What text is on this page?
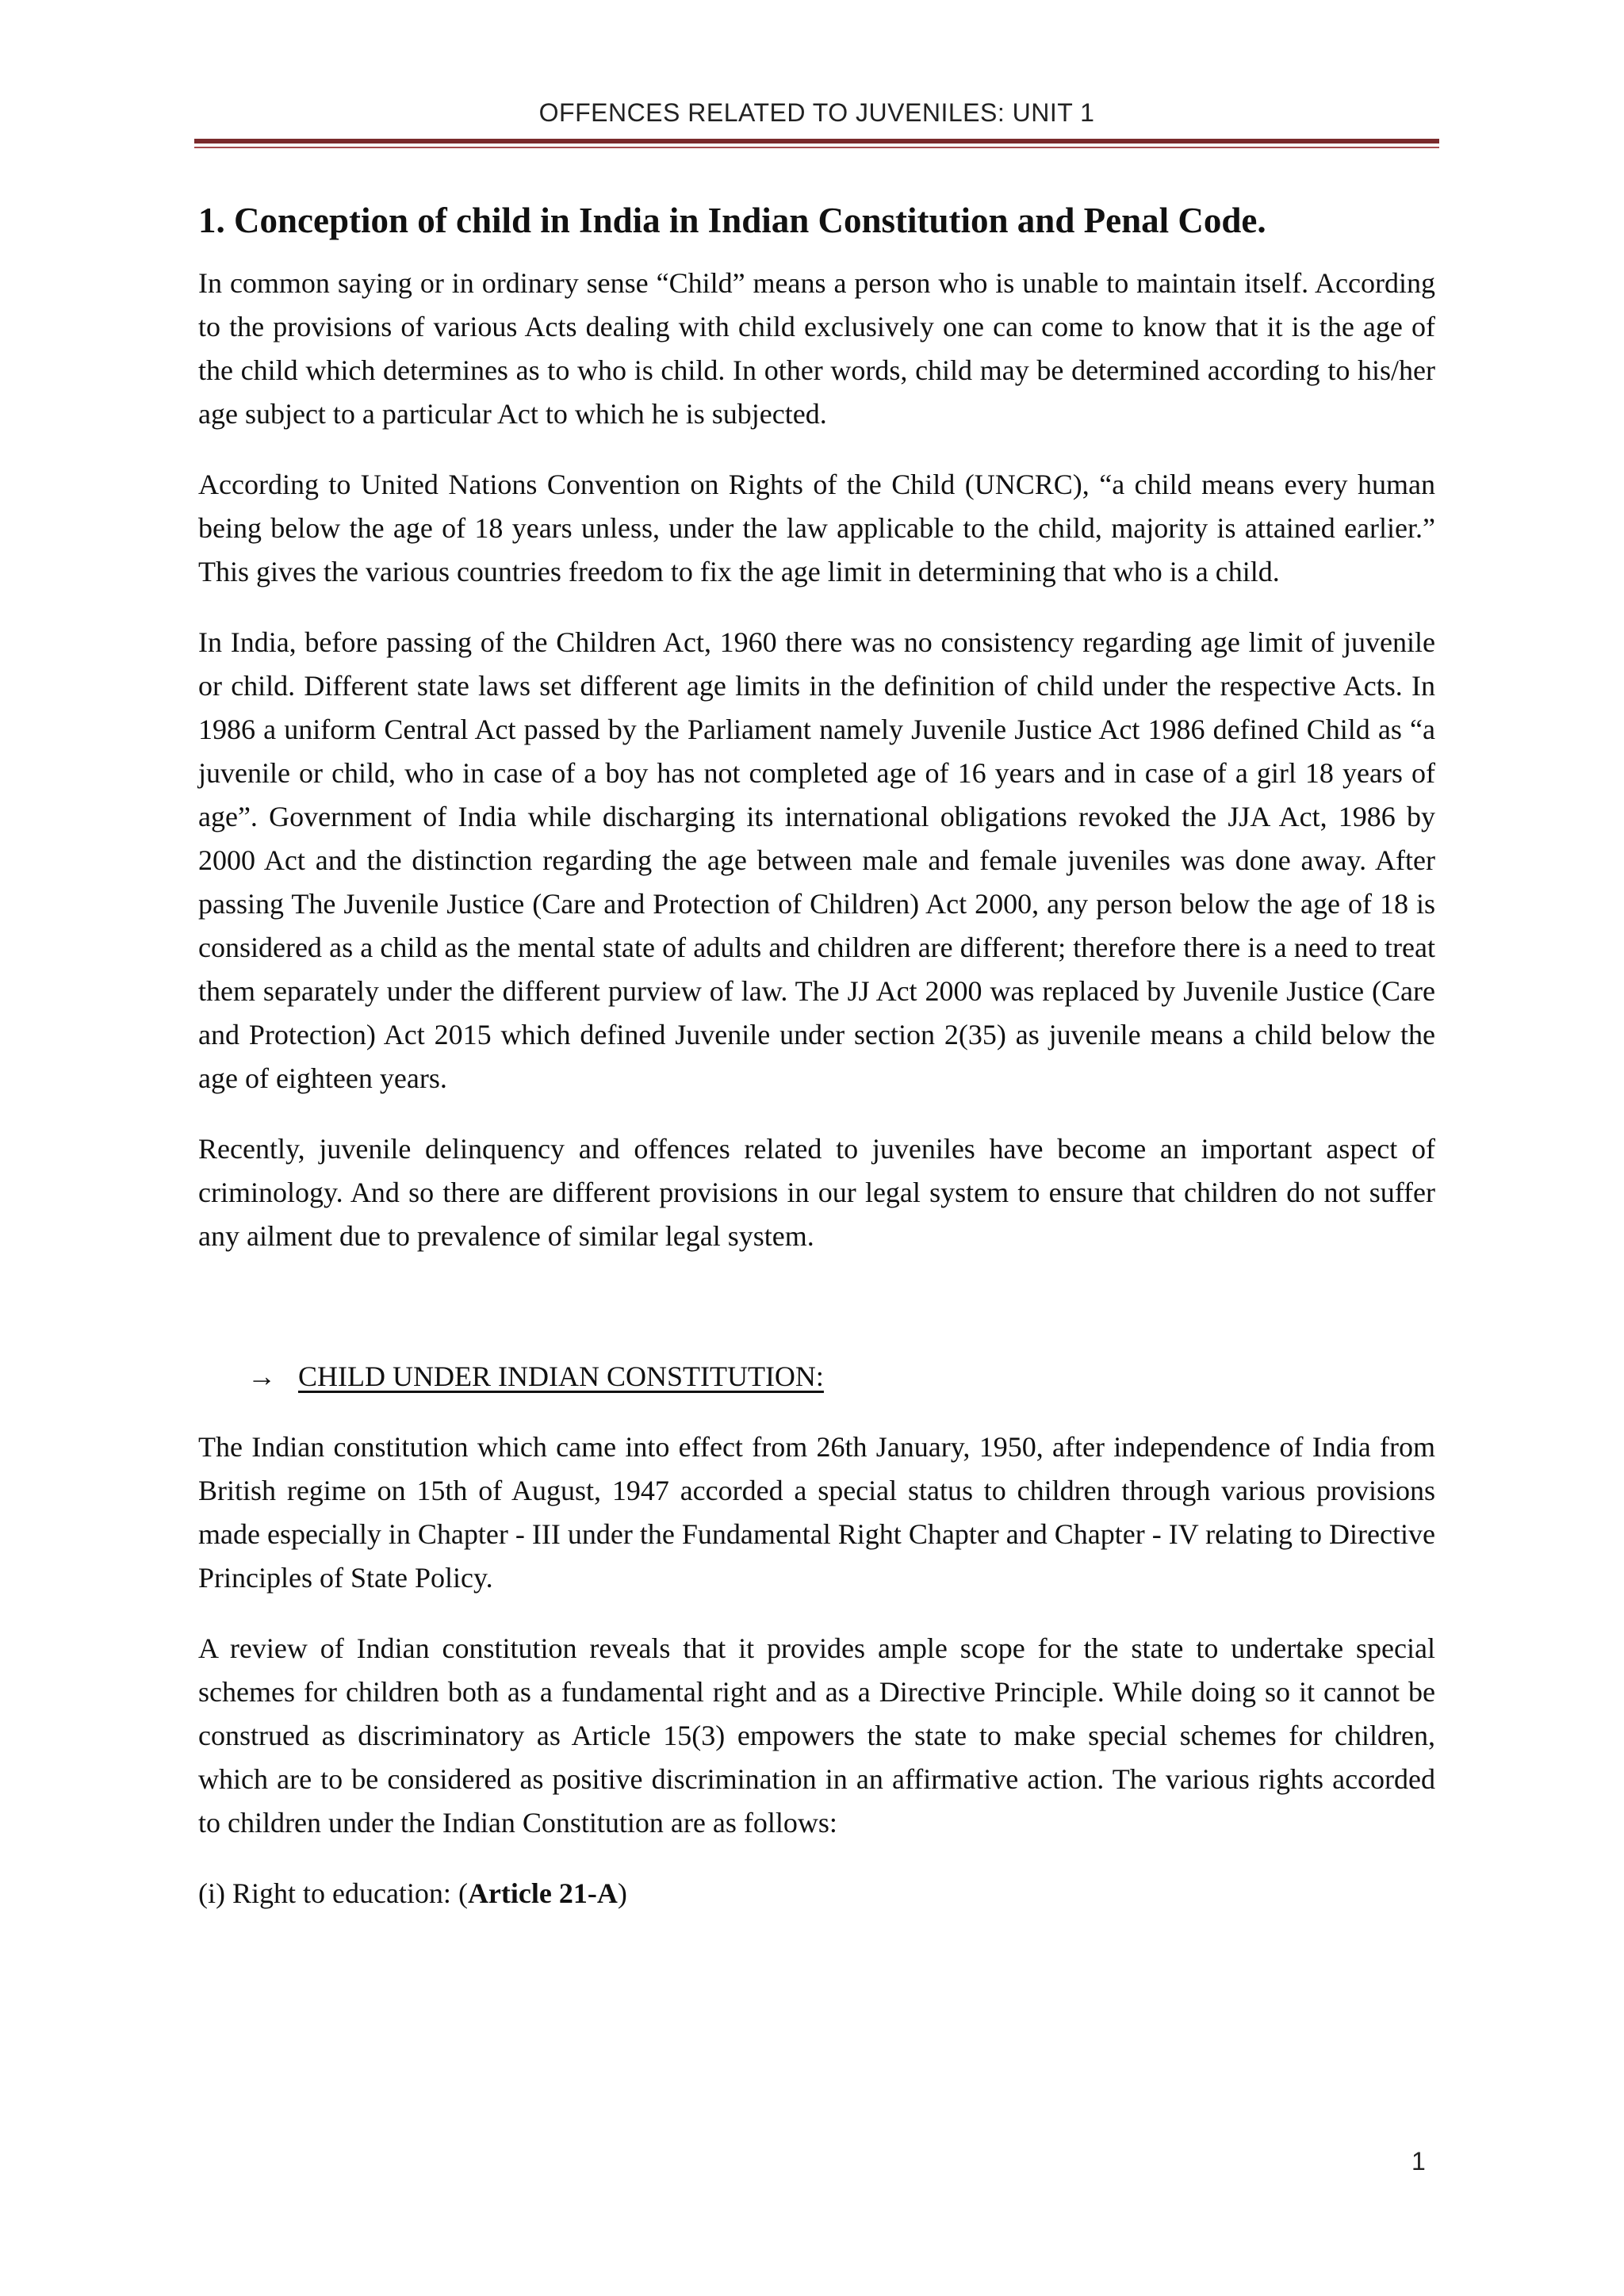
OFFENCES RELATED TO JUVENILES: UNIT 1
1. Conception of child in India in Indian Constitution and Penal Code.

In common saying or in ordinary sense “Child” means a person who is unable to maintain itself. According to the provisions of various Acts dealing with child exclusively one can come to know that it is the age of the child which determines as to who is child. In other words, child may be determined according to his/her age subject to a particular Act to which he is subjected.

According to United Nations Convention on Rights of the Child (UNCRC), “a child means every human being below the age of 18 years unless, under the law applicable to the child, majority is attained earlier.” This gives the various countries freedom to fix the age limit in determining that who is a child.

In India, before passing of the Children Act, 1960 there was no consistency regarding age limit of juvenile or child. Different state laws set different age limits in the definition of child under the respective Acts. In 1986 a uniform Central Act passed by the Parliament namely Juvenile Justice Act 1986 defined Child as “a juvenile or child, who in case of a boy has not completed age of 16 years and in case of a girl 18 years of age”. Government of India while discharging its international obligations revoked the JJA Act, 1986 by 2000 Act and the distinction regarding the age between male and female juveniles was done away. After passing The Juvenile Justice (Care and Protection of Children) Act 2000, any person below the age of 18 is considered as a child as the mental state of adults and children are different; therefore there is a need to treat them separately under the different purview of law. The JJ Act 2000 was replaced by Juvenile Justice (Care and Protection) Act 2015 which defined Juvenile under section 2(35) as juvenile means a child below the age of eighteen years.

Recently, juvenile delinquency and offences related to juveniles have become an important aspect of criminology. And so there are different provisions in our legal system to ensure that children do not suffer any ailment due to prevalence of similar legal system.

→ CHILD UNDER INDIAN CONSTITUTION:

The Indian constitution which came into effect from 26th January, 1950, after independence of India from British regime on 15th of August, 1947 accorded a special status to children through various provisions made especially in Chapter - III under the Fundamental Right Chapter and Chapter - IV relating to Directive Principles of State Policy.

A review of Indian constitution reveals that it provides ample scope for the state to undertake special schemes for children both as a fundamental right and as a Directive Principle. While doing so it cannot be construed as discriminatory as Article 15(3) empowers the state to make special schemes for children, which are to be considered as positive discrimination in an affirmative action. The various rights accorded to children under the Indian Constitution are as follows:

(i) Right to education: (Article 21-A)

1
